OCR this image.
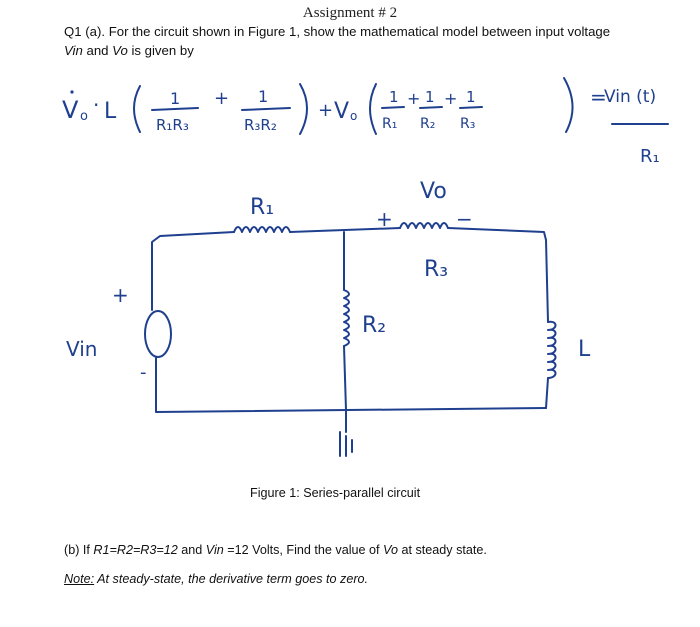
Assignment # 2
Q1 (a). For the circuit shown in Figure 1, show the mathematical model between input voltage
Vin and Vo is given by
V o · L
1
R₁R₃
+ 1
R₃R₂
+ V o
1
R₁
+ 1
R₂
+ 1
R₃
=
Vin (t)
R₁
R₁
Vo
+	−
R₃
R₂
Vin
+
-
L
Figure 1: Series-parallel circuit
(b) If R1=R2=R3=12 and Vin =12 Volts, Find the value of Vo at steady state.
Note: At steady-state, the derivative term goes to zero.
